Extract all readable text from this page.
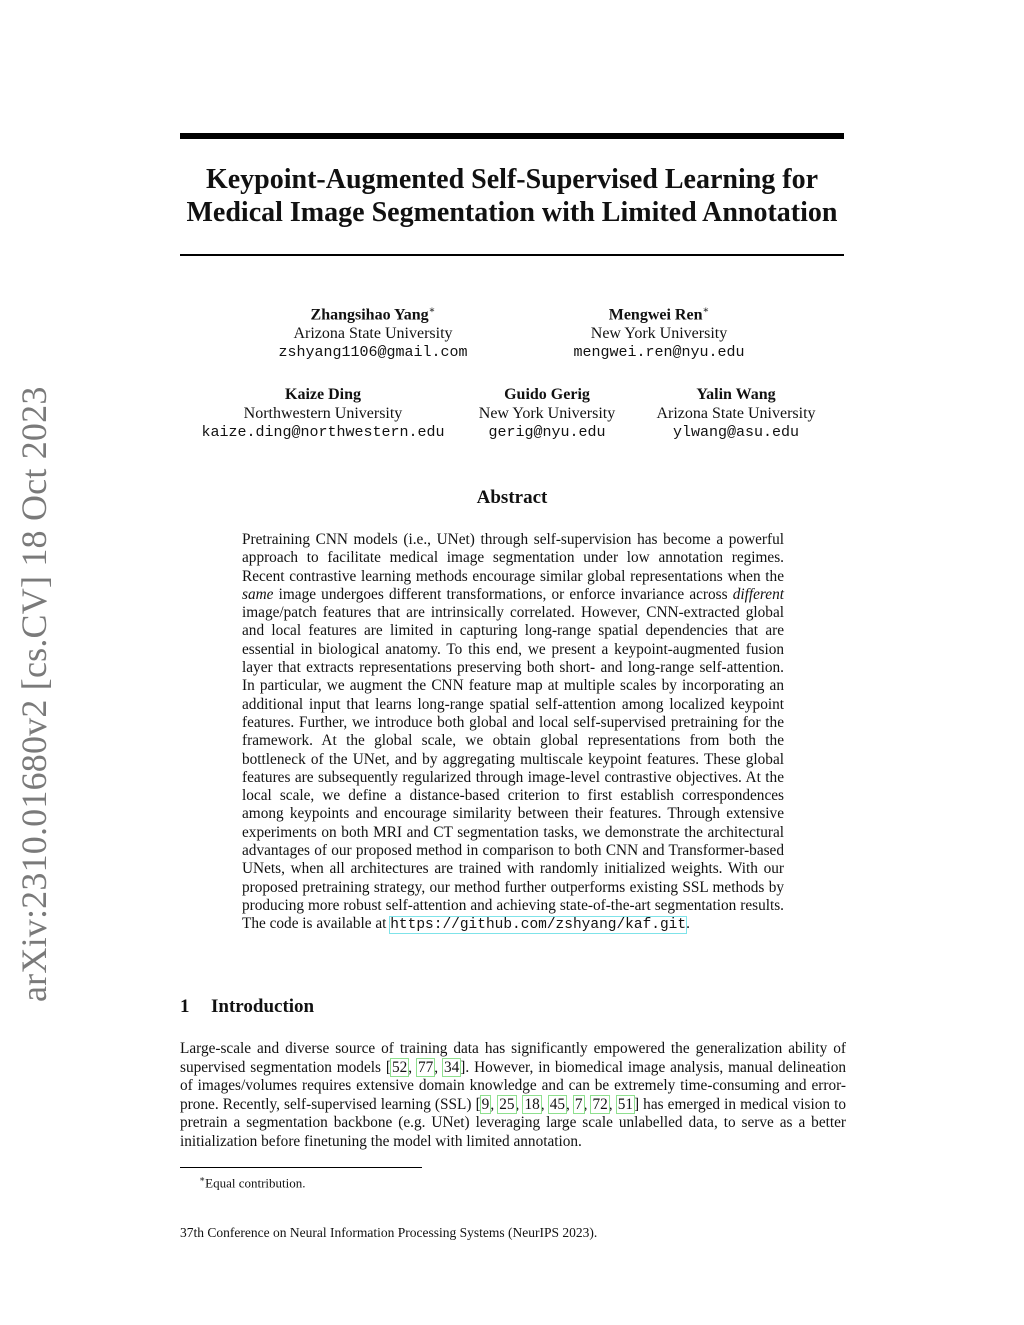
arXiv:2310.01680v2 [cs.CV] 18 Oct 2023
Keypoint-Augmented Self-Supervised Learning for
Medical Image Segmentation with Limited Annotation
Zhangsihao Yang∗
Arizona State University
zshyang1106@gmail.com
Mengwei Ren∗
New York University
mengwei.ren@nyu.edu
Kaize Ding
Northwestern University
kaize.ding@northwestern.edu
Guido Gerig
New York University
gerig@nyu.edu
Yalin Wang
Arizona State University
ylwang@asu.edu
Abstract
Pretraining CNN models (i.e., UNet) through self-supervision has become a powerful approach to facilitate medical image segmentation under low annotation regimes. Recent contrastive learning methods encourage similar global representations when the same image undergoes different transformations, or enforce invariance across different image/patch features that are intrinsically correlated. However, CNN-extracted global and local features are limited in capturing long-range spatial dependencies that are essential in biological anatomy. To this end, we present a keypoint-augmented fusion layer that extracts representations preserving both short- and long-range self-attention. In particular, we augment the CNN feature map at multiple scales by incorporating an additional input that learns long-range spatial self-attention among localized keypoint features. Further, we introduce both global and local self-supervised pretraining for the framework. At the global scale, we obtain global representations from both the bottleneck of the UNet, and by aggregating multiscale keypoint features. These global features are subsequently regularized through image-level contrastive objectives. At the local scale, we define a distance-based criterion to first establish correspondences among keypoints and encourage similarity between their features. Through extensive experiments on both MRI and CT segmentation tasks, we demonstrate the architectural advantages of our proposed method in comparison to both CNN and Transformer-based UNets, when all architectures are trained with randomly initialized weights. With our proposed pretraining strategy, our method further outperforms existing SSL methods by producing more robust self-attention and achieving state-of-the-art segmentation results. The code is available at https://github.com/zshyang/kaf.git.
1 Introduction
Large-scale and diverse source of training data has significantly empowered the generalization ability of supervised segmentation models [52, 77, 34]. However, in biomedical image analysis, manual delineation of images/volumes requires extensive domain knowledge and can be extremely time-consuming and error-prone. Recently, self-supervised learning (SSL) [9, 25, 18, 45, 7, 72, 51] has emerged in medical vision to pretrain a segmentation backbone (e.g. UNet) leveraging large scale unlabelled data, to serve as a better initialization before finetuning the model with limited annotation.
∗Equal contribution.
37th Conference on Neural Information Processing Systems (NeurIPS 2023).
